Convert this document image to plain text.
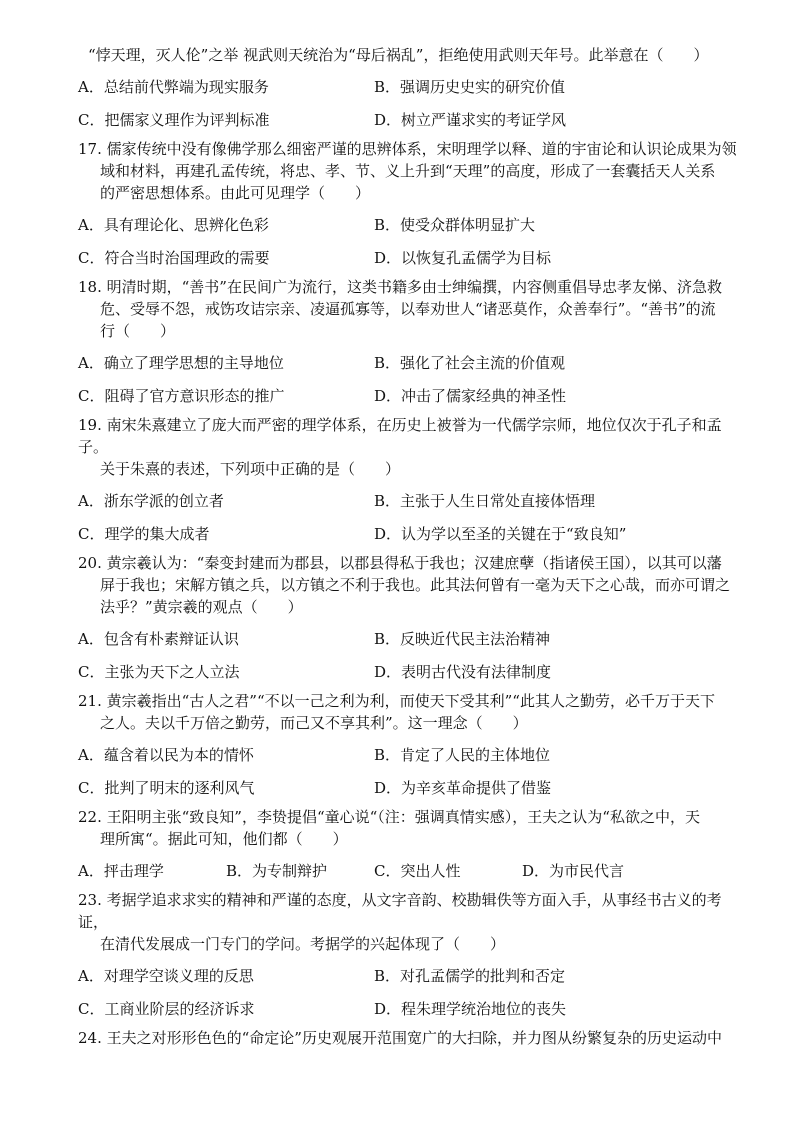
“悖天理，灭人伦”之举 视武则天统治为“母后祸乱”，拒绝使用武则天年号。此举意在（　　）

A．总结前代弊端为现实服务	B．强调历史史实的研究价值
C．把儒家义理作为评判标准	D．树立严谨求实的考证学风

17. 儒家传统中没有像佛学那么细密严谨的思辨体系，宋明理学以释、道的宇宙论和认识论成果为领

域和材料，再建孔孟传统，将忠、孝、节、义上升到“天理”的高度，形成了一套囊括天人关系

的严密思想体系。由此可见理学（　　）

A．具有理论化、思辨化色彩	B．使受众群体明显扩大
C．符合当时治国理政的需要	D．以恢复孔孟儒学为目标

18. 明清时期，“善书”在民间广为流行，这类书籍多由士绅编撰，内容侧重倡导忠孝友悌、济急救

危、受辱不怨，戒饬攻诘宗亲、凌逼孤寡等，以奉劝世人“诸恶莫作，众善奉行”。“善书”的流

行（　　）

A．确立了理学思想的主导地位	B．强化了社会主流的价值观
C．阻碍了官方意识形态的推广	D．冲击了儒家经典的神圣性

19. 南宋朱熹建立了庞大而严密的理学体系，在历史上被誉为一代儒学宗师，地位仅次于孔子和孟子。

关于朱熹的表述，下列项中正确的是（　　）

A．浙东学派的创立者	B．主张于人生日常处直接体悟理
C．理学的集大成者	D．认为学以至圣的关键在于“致良知”

20. 黄宗羲认为：“秦变封建而为郡县，以郡县得私于我也；汉建庶孽（指诸侯王国），以其可以藩

屏于我也；宋解方镇之兵，以方镇之不利于我也。此其法何曾有一毫为天下之心哉，而亦可谓之

法乎？”黄宗羲的观点（　　）

A．包含有朴素辩证认识	B．反映近代民主法治精神
C．主张为天下之人立法	D．表明古代没有法律制度

21. 黄宗羲指出“古人之君”“不以一己之利为利，而使天下受其利”“此其人之勤劳，必千万于天下

之人。夫以千万倍之勤劳，而己又不享其利”。这一理念（　　）

A．蕴含着以民为本的情怀	B．肯定了人民的主体地位
C．批判了明末的逐利风气	D．为辛亥革命提供了借鉴

22. 王阳明主张“致良知”，李贽提倡“童心说“（注：强调真情实感），王夫之认为“私欲之中，天

理所寓“。据此可知，他们都（　　）

A．抨击理学	B．为专制辩护	C．突出人性	D．为市民代言

23. 考据学追求求实的精神和严谨的态度，从文字音韵、校勘辑佚等方面入手，从事经书古义的考证，

在清代发展成一门专门的学问。考据学的兴起体现了（　　）

A．对理学空谈义理的反思	B．对孔孟儒学的批判和否定
C．工商业阶层的经济诉求	D．程朱理学统治地位的丧失

24. 王夫之对形形色色的“命定论”历史观展开范围宽广的大扫除，并力图从纷繁复杂的历史运动中
